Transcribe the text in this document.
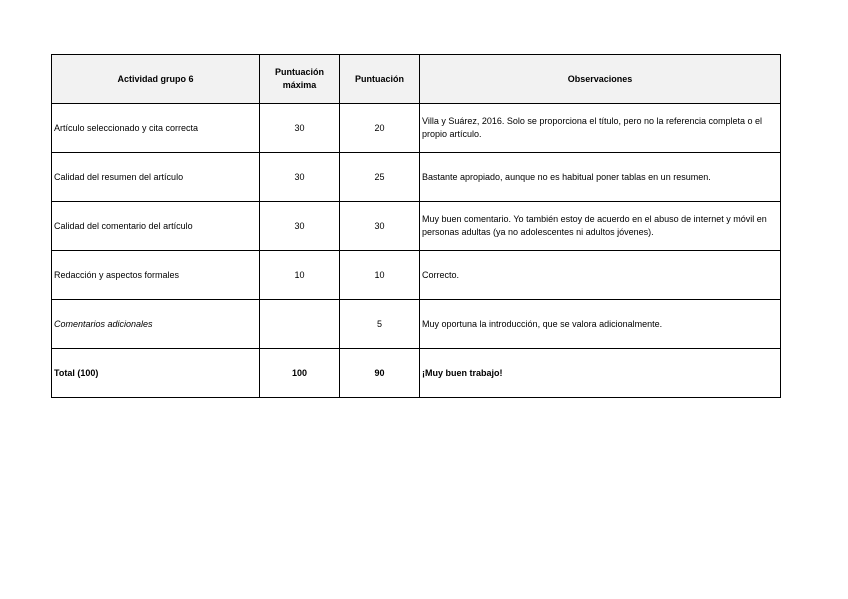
Actividad grupo 6	Puntuación máxima	Puntuación	Observaciones
Artículo seleccionado y cita correcta	30	20	Villa y Suárez, 2016. Solo se proporciona el título, pero no la referencia completa o el propio artículo.
Calidad del resumen del artículo	30	25	Bastante apropiado, aunque no es habitual poner tablas en un resumen.
Calidad del comentario del artículo	30	30	Muy buen comentario. Yo también estoy de acuerdo en el abuso de internet y móvil en personas adultas (ya no adolescentes ni adultos jóvenes).
Redacción y aspectos formales	10	10	Correcto.
Comentarios adicionales		5	Muy oportuna la introducción, que se valora adicionalmente.
Total (100)	100	90	¡Muy buen trabajo!
